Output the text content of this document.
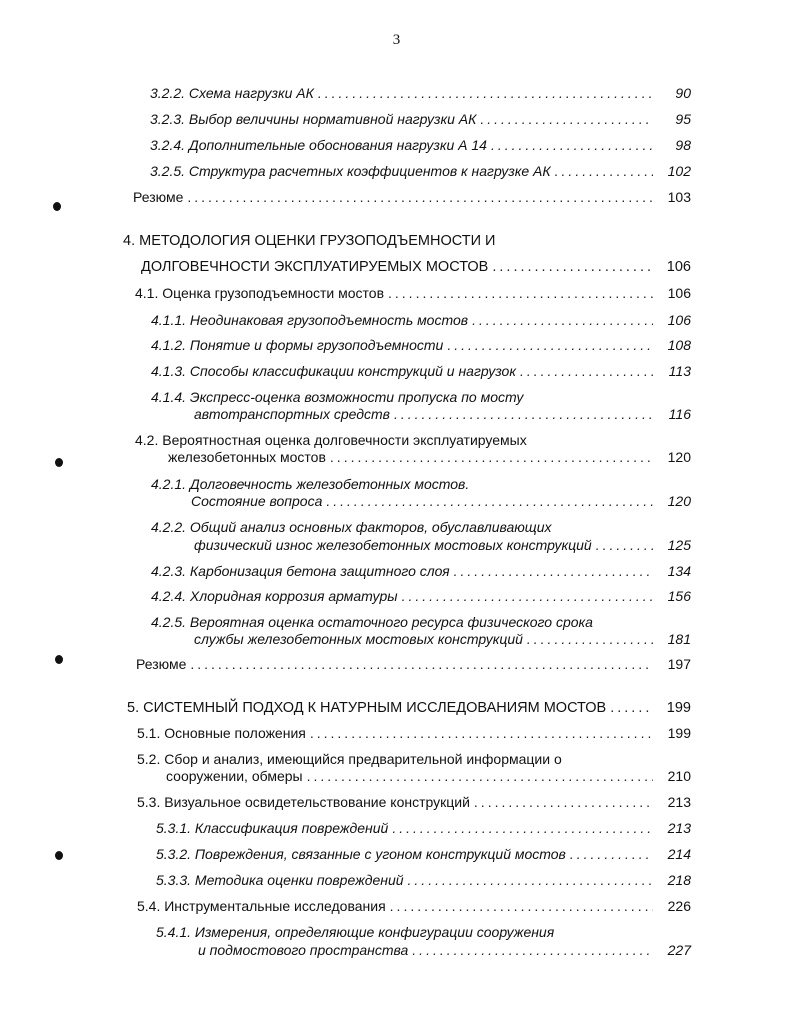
3
3.2.2. Схема нагрузки АК .....	90
3.2.3. Выбор величины нормативной нагрузки АК .....	95
3.2.4. Дополнительные обоснования нагрузки А 14 .....	98
3.2.5. Структура расчетных коэффициентов к нагрузке АК .....	102
Резюме .....	103
4. МЕТОДОЛОГИЯ ОЦЕНКИ ГРУЗОПОДЪЕМНОСТИ И
ДОЛГОВЕЧНОСТИ ЭКСПЛУАТИРУЕМЫХ МОСТОВ .....	106
4.1. Оценка грузоподъемности мостов .....	106
4.1.1. Неодинаковая грузоподъемность мостов .....	106
4.1.2. Понятие и формы грузоподъемности .....	108
4.1.3. Способы классификации конструкций и нагрузок .....	113
4.1.4. Экспресс-оценка возможности пропуска по мосту
автотранспортных средств .....	116
4.2. Вероятностная оценка долговечности эксплуатируемых
железобетонных мостов .....	120
4.2.1. Долговечность железобетонных мостов.
Состояние вопроса .....	120
4.2.2. Общий анализ основных факторов, обуславливающих
физический износ железобетонных мостовых конструкций .....	125
4.2.3. Карбонизация бетона защитного слоя .....	134
4.2.4. Хлоридная коррозия арматуры .....	156
4.2.5. Вероятная оценка остаточного ресурса физического срока
службы железобетонных мостовых конструкций .....	181
Резюме .....	197
5. СИСТЕМНЫЙ ПОДХОД К НАТУРНЫМ ИССЛЕДОВАНИЯМ МОСТОВ .....	199
5.1. Основные положения .....	199
5.2. Сбор и анализ, имеющийся предварительной информации о
сооружении, обмеры .....	210
5.3. Визуальное освидетельствование конструкций .....	213
5.3.1. Классификация повреждений .....	213
5.3.2. Повреждения, связанные с угоном конструкций мостов .....	214
5.3.3. Методика оценки повреждений .....	218
5.4. Инструментальные исследования .....	226
5.4.1. Измерения, определяющие конфигурации сооружения
и подмостового пространства .....	227
